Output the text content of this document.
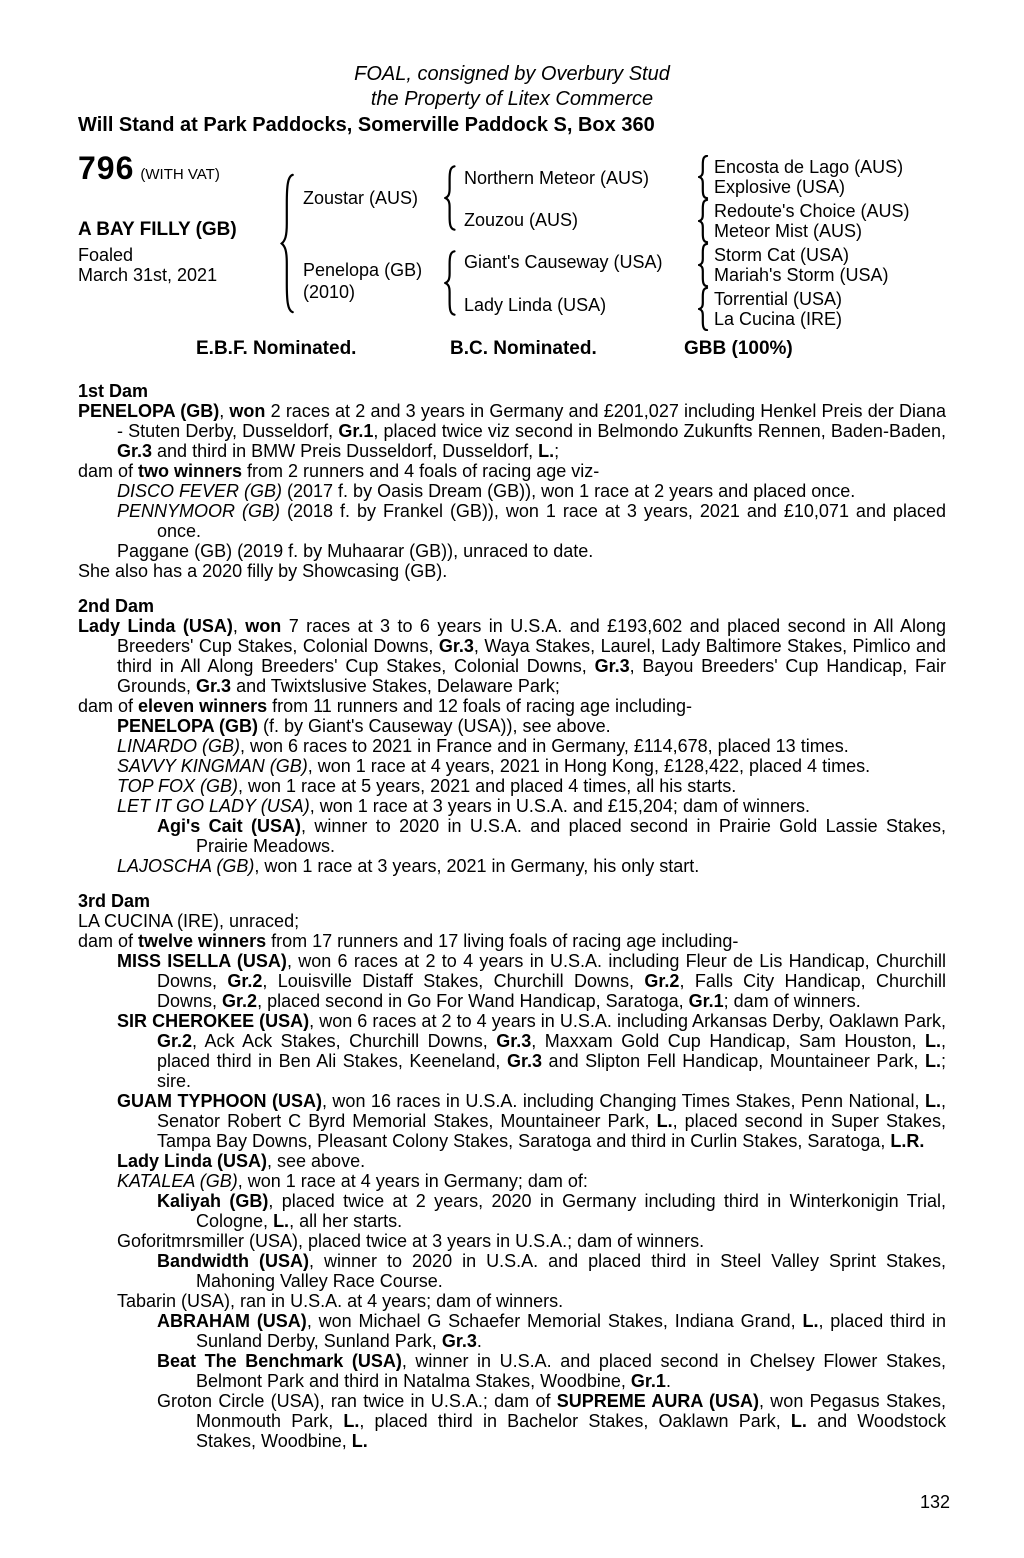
FOAL, consigned by Overbury Stud
the Property of Litex Commerce
Will Stand at Park Paddocks, Somerville Paddock S, Box 360
796 (WITH VAT)
A BAY FILLY (GB)
Foaled
March 31st, 2021
Zoustar (AUS)
Penelopa (GB)
(2010)
Northern Meteor (AUS)
Zouzou (AUS)
Giant's Causeway (USA)
Lady Linda (USA)
Encosta de Lago (AUS)
Explosive (USA)
Redoute's Choice (AUS)
Meteor Mist (AUS)
Storm Cat (USA)
Mariah's Storm (USA)
Torrential (USA)
La Cucina (IRE)
E.B.F. Nominated.	B.C. Nominated.	GBB (100%)
1st Dam

PENELOPA (GB), won 2 races at 2 and 3 years in Germany and £201,027 including Henkel Preis der Diana - Stuten Derby, Dusseldorf, Gr.1, placed twice viz second in Belmondo Zukunfts Rennen, Baden-Baden, Gr.3 and third in BMW Preis Dusseldorf, Dusseldorf, L.;

dam of two winners from 2 runners and 4 foals of racing age viz-

DISCO FEVER (GB) (2017 f. by Oasis Dream (GB)), won 1 race at 2 years and placed once.

PENNYMOOR (GB) (2018 f. by Frankel (GB)), won 1 race at 3 years, 2021 and £10,071 and placed once.

Paggane (GB) (2019 f. by Muhaarar (GB)), unraced to date.

She also has a 2020 filly by Showcasing (GB).

2nd Dam

Lady Linda (USA), won 7 races at 3 to 6 years in U.S.A. and £193,602 and placed second in All Along Breeders' Cup Stakes, Colonial Downs, Gr.3, Waya Stakes, Laurel, Lady Baltimore Stakes, Pimlico and third in All Along Breeders' Cup Stakes, Colonial Downs, Gr.3, Bayou Breeders' Cup Handicap, Fair Grounds, Gr.3 and Twixtslusive Stakes, Delaware Park;

dam of eleven winners from 11 runners and 12 foals of racing age including-

PENELOPA (GB) (f. by Giant's Causeway (USA)), see above.

LINARDO (GB), won 6 races to 2021 in France and in Germany, £114,678, placed 13 times.

SAVVY KINGMAN (GB), won 1 race at 4 years, 2021 in Hong Kong, £128,422, placed 4 times.

TOP FOX (GB), won 1 race at 5 years, 2021 and placed 4 times, all his starts.

LET IT GO LADY (USA), won 1 race at 3 years in U.S.A. and £15,204; dam of winners.

Agi's Cait (USA), winner to 2020 in U.S.A. and placed second in Prairie Gold Lassie Stakes, Prairie Meadows.

LAJOSCHA (GB), won 1 race at 3 years, 2021 in Germany, his only start.

3rd Dam

LA CUCINA (IRE), unraced;

dam of twelve winners from 17 runners and 17 living foals of racing age including-

MISS ISELLA (USA), won 6 races at 2 to 4 years in U.S.A. including Fleur de Lis Handicap, Churchill Downs, Gr.2, Louisville Distaff Stakes, Churchill Downs, Gr.2, Falls City Handicap, Churchill Downs, Gr.2, placed second in Go For Wand Handicap, Saratoga, Gr.1; dam of winners.

SIR CHEROKEE (USA), won 6 races at 2 to 4 years in U.S.A. including Arkansas Derby, Oaklawn Park, Gr.2, Ack Ack Stakes, Churchill Downs, Gr.3, Maxxam Gold Cup Handicap, Sam Houston, L., placed third in Ben Ali Stakes, Keeneland, Gr.3 and Slipton Fell Handicap, Mountaineer Park, L.; sire.

GUAM TYPHOON (USA), won 16 races in U.S.A. including Changing Times Stakes, Penn National, L., Senator Robert C Byrd Memorial Stakes, Mountaineer Park, L., placed second in Super Stakes, Tampa Bay Downs, Pleasant Colony Stakes, Saratoga and third in Curlin Stakes, Saratoga, L.R.

Lady Linda (USA), see above.

KATALEA (GB), won 1 race at 4 years in Germany; dam of:

Kaliyah (GB), placed twice at 2 years, 2020 in Germany including third in Winterkonigin Trial, Cologne, L., all her starts.

Goforitmrsmiller (USA), placed twice at 3 years in U.S.A.; dam of winners.

Bandwidth (USA), winner to 2020 in U.S.A. and placed third in Steel Valley Sprint Stakes, Mahoning Valley Race Course.

Tabarin (USA), ran in U.S.A. at 4 years; dam of winners.

ABRAHAM (USA), won Michael G Schaefer Memorial Stakes, Indiana Grand, L., placed third in Sunland Derby, Sunland Park, Gr.3.

Beat The Benchmark (USA), winner in U.S.A. and placed second in Chelsey Flower Stakes, Belmont Park and third in Natalma Stakes, Woodbine, Gr.1.

Groton Circle (USA), ran twice in U.S.A.; dam of SUPREME AURA (USA), won Pegasus Stakes, Monmouth Park, L., placed third in Bachelor Stakes, Oaklawn Park, L. and Woodstock Stakes, Woodbine, L.

132
